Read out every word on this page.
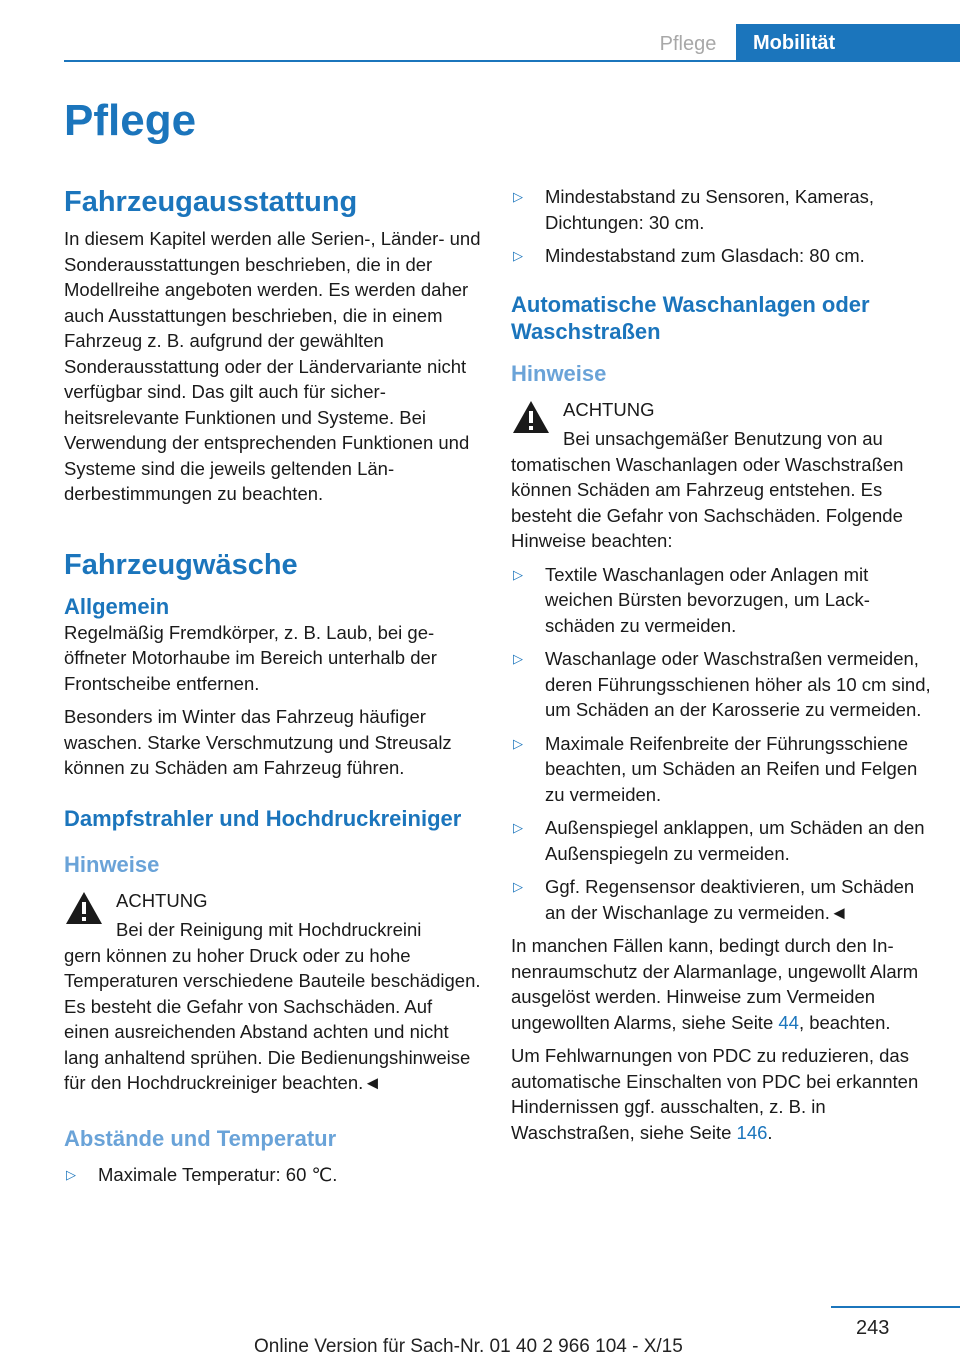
Pflege	Mobilität
Pflege
Fahrzeugausstattung

In diesem Kapitel werden alle Serien-, Länder- und Sonderausstattungen beschrieben, die in der Modellreihe angeboten werden. Es werden daher auch Ausstattungen beschrieben, die in einem Fahrzeug z. B. aufgrund der gewählten Sonderausstattung oder der Ländervariante nicht verfügbar sind. Das gilt auch für sicherheitsrelevante Funktionen und Systeme. Bei Verwendung der entsprechenden Funktionen und Systeme sind die jeweils geltenden Länderbestimmungen zu beachten.

Fahrzeugwäsche
Allgemein

Regelmäßig Fremdkörper, z. B. Laub, bei geöffneter Motorhaube im Bereich unterhalb der Frontscheibe entfernen.

Besonders im Winter das Fahrzeug häufiger waschen. Starke Verschmutzung und Streusalz können zu Schäden am Fahrzeug führen.

Dampfstrahler und Hochdruckreiniger
Hinweise
ACHTUNG
Bei der Reinigung mit Hochdruckreini
gern können zu hoher Druck oder zu hohe Temperaturen verschiedene Bauteile beschädigen. Es besteht die Gefahr von Sachschäden. Auf einen ausreichenden Abstand achten und nicht lang anhaltend sprühen. Die Bedienungshinweise für den Hochdruckreiniger beachten.◄
Abstände und Temperatur
▷ Maximale Temperatur: 60 ℃.
▷ Mindestabstand zu Sensoren, Kameras, Dichtungen: 30 cm.
▷ Mindestabstand zum Glasdach: 80 cm.
Automatische Waschanlagen oder Waschstraßen
Hinweise
ACHTUNG
Bei unsachgemäßer Benutzung von au
tomatischen Waschanlagen oder Waschstraßen können Schäden am Fahrzeug entstehen. Es besteht die Gefahr von Sachschäden. Folgende Hinweise beachten:
▷ Textile Waschanlagen oder Anlagen mit weichen Bürsten bevorzugen, um Lackschäden zu vermeiden.
▷ Waschanlage oder Waschstraßen vermeiden, deren Führungsschienen höher als 10 cm sind, um Schäden an der Karosserie zu vermeiden.
▷ Maximale Reifenbreite der Führungsschiene beachten, um Schäden an Reifen und Felgen zu vermeiden.
▷ Außenspiegel anklappen, um Schäden an den Außenspiegeln zu vermeiden.
▷ Ggf. Regensensor deaktivieren, um Schäden an der Wischanlage zu vermeiden.◄

In manchen Fällen kann, bedingt durch den Innenraumschutz der Alarmanlage, ungewollt Alarm ausgelöst werden. Hinweise zum Vermeiden ungewollten Alarms, siehe Seite 44, beachten.

Um Fehlwarnungen von PDC zu reduzieren, das automatische Einschalten von PDC bei erkannten Hindernissen ggf. ausschalten, z. B. in Waschstraßen, siehe Seite 146.

243
Online Version für Sach-Nr. 01 40 2 966 104 - X/15
